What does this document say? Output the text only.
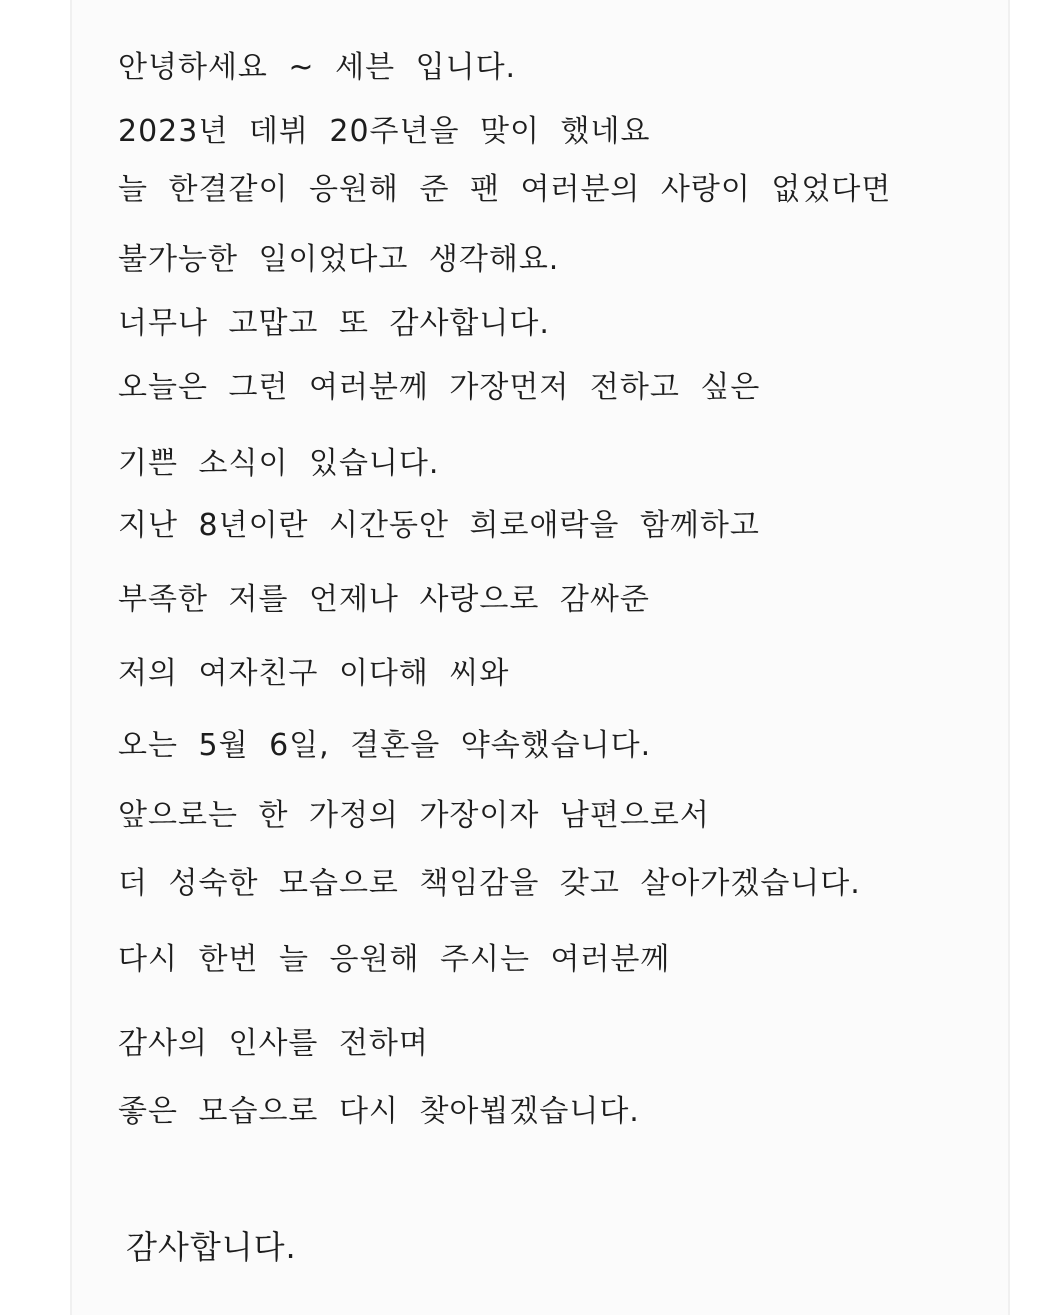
안녕하세요 ~ 세븐 입니다.
2023년 데뷔 20주년을 맞이 했네요
늘 한결같이 응원해 준 팬 여러분의 사랑이 없었다면
불가능한 일이었다고 생각해요.
너무나 고맙고 또 감사합니다.
오늘은 그런 여러분께 가장먼저 전하고 싶은
기쁜 소식이 있습니다.
지난 8년이란 시간동안 희로애락을 함께하고
부족한 저를 언제나 사랑으로 감싸준
저의 여자친구 이다해 씨와
오는 5월 6일, 결혼을 약속했습니다.
앞으로는 한 가정의 가장이자 남편으로서
더 성숙한 모습으로 책임감을 갖고 살아가겠습니다.
다시 한번 늘 응원해 주시는 여러분께
감사의 인사를 전하며
좋은 모습으로 다시 찾아뵙겠습니다.
감사합니다.
